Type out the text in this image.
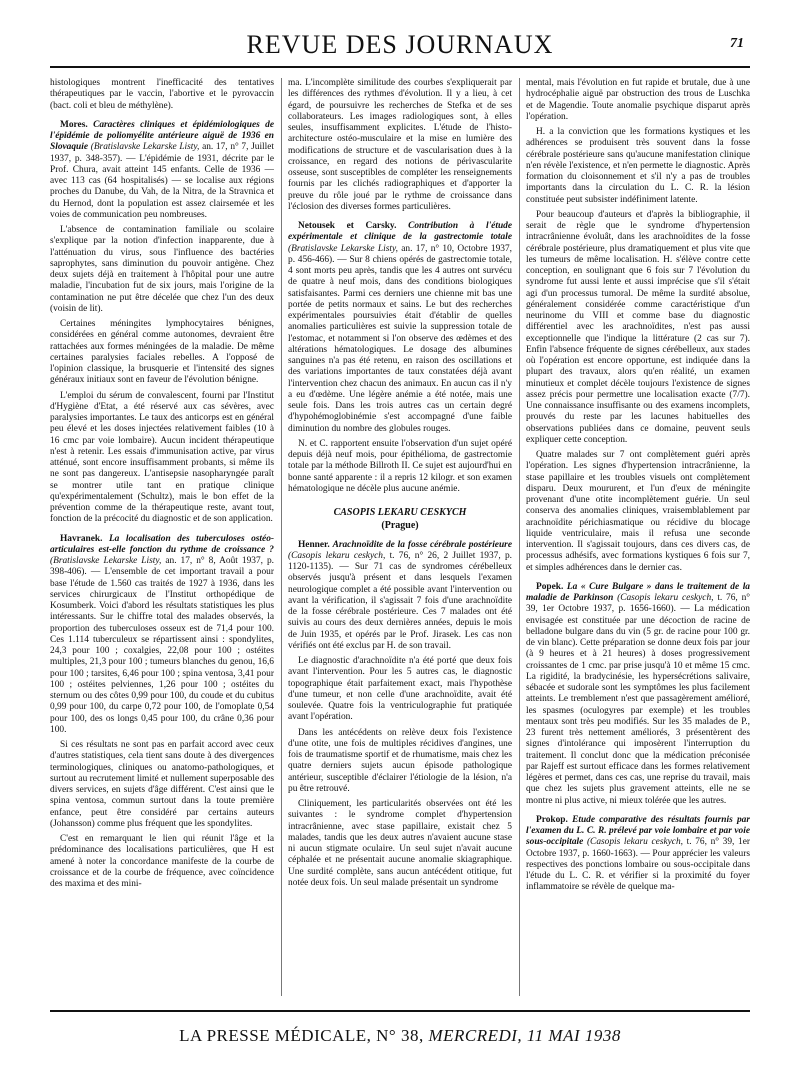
REVUE DES JOURNAUX	71

histologiques montrent l'inefficacité des tentatives thérapeutiques par le vaccin, l'abortive et le pyrovaccin (bact. coli et bleu de méthylène).

Mores. Caractères cliniques et épidémiologiques de l'épidémie de poliomyélite antérieure aiguë de 1936 en Slovaquie (Bratislavske Lekarske Listy, an. 17, n° 7, Juillet 1937, p. 348-357). — L'épidémie de 1931, décrite par le Prof. Chura, avait atteint 145 enfants. Celle de 1936 — avec 113 cas (64 hospitalisés) — se localise aux régions proches du Danube, du Vah, de la Nitra, de la Stravnica et du Hernod, dont la population est assez clairsemée et les voies de communication peu nombreuses.

L'absence de contamination familiale ou scolaire s'explique par la notion d'infection inapparente, due à l'atténuation du virus, sous l'influence des bactéries saprophytes, sans diminution du pouvoir antigène. Chez deux sujets déjà en traitement à l'hôpital pour une autre maladie, l'incubation fut de six jours, mais l'origine de la contamination ne put être décelée que chez l'un des deux (voisin de lit).

Certaines méningites lymphocytaires bénignes, considérées en général comme autonomes, devraient être rattachées aux formes méningées de la maladie. De même certaines paralysies faciales rebelles. A l'opposé de l'opinion classique, la brusquerie et l'intensité des signes généraux initiaux sont en faveur de l'évolution bénigne.

L'emploi du sérum de convalescent, fourni par l'Institut d'Hygiène d'Etat, a été réservé aux cas sévères, avec paralysies importantes. Le taux des anticorps est en général peu élevé et les doses injectées relativement faibles (10 à 16 cmc par voie lombaire). Aucun incident thérapeutique n'est à retenir. Les essais d'immunisation active, par virus atténué, sont encore insuffisamment probants, si même ils ne sont pas dangereux. L'antisepsie nasopharyngée paraît se montrer utile tant en pratique clinique qu'expérimentalement (Schultz), mais le bon effet de la prévention comme de la thérapeutique reste, avant tout, fonction de la précocité du diagnostic et de son application.

Havranek. La localisation des tuberculoses ostéo-articulaires est-elle fonction du rythme de croissance ? (Bratislavske Lekarske Listy, an. 17, n° 8, Août 1937, p. 398-406). — L'ensemble de cet important travail a pour base l'étude de 1.560 cas traités de 1927 à 1936, dans les services chirurgicaux de l'Institut orthopédique de Kosumberk. Voici d'abord les résultats statistiques les plus intéressants. Sur le chiffre total des malades observés, la proportion des tuberculoses osseux est de 71,4 pour 100. Ces 1.114 tuberculeux se répartissent ainsi : spondylites, 24,3 pour 100 ; coxalgies, 22,08 pour 100 ; ostéites multiples, 21,3 pour 100 ; tumeurs blanches du genou, 16,6 pour 100 ; tarsites, 6,46 pour 100 ; spina ventosa, 3,41 pour 100 ; ostéites pelviennes, 1,26 pour 100 ; ostéites du sternum ou des côtes 0,99 pour 100, du coude et du cubitus 0,99 pour 100, du carpe 0,72 pour 100, de l'omoplate 0,54 pour 100, des os longs 0,45 pour 100, du crâne 0,36 pour 100.

Si ces résultats ne sont pas en parfait accord avec ceux d'autres statistiques, cela tient sans doute à des divergences terminologiques, cliniques ou anatomo-pathologiques, et surtout au recrutement limité et nullement superposable des divers services, en sujets d'âge différent. C'est ainsi que le spina ventosa, commun surtout dans la toute première enfance, peut être considéré par certains auteurs (Johansson) comme plus fréquent que les spondylites.

C'est en remarquant le lien qui réunit l'âge et la prédominance des localisations particulières, que H est amené à noter la concordance manifeste de la courbe de croissance et de la courbe de fréquence, avec coïncidence des maxima et des mini-

ma. L'incomplète similitude des courbes s'expliquerait par les différences des rythmes d'évolution. Il y a lieu, à cet égard, de poursuivre les recherches de Stefka et de ses collaborateurs. Les images radiologiques sont, à elles seules, insuffisamment explicites. L'étude de l'histo-architecture ostéo-musculaire et la mise en lumière des modifications de structure et de vascularisation dues à la croissance, en regard des notions de périvascularite osseuse, sont susceptibles de compléter les renseignements fournis par les clichés radiographiques et d'apporter la preuve du rôle joué par le rythme de croissance dans l'éclosion des diverses formes particulières.

Netousek et Carsky. Contribution à l'étude expérimentale et clinique de la gastrectomie totale (Bratislavske Lekarske Listy, an. 17, n° 10, Octobre 1937, p. 456-466). — Sur 8 chiens opérés de gastrectomie totale, 4 sont morts peu après, tandis que les 4 autres ont survécu de quatre à neuf mois, dans des conditions biologiques satisfaisantes. Parmi ces derniers une chienne mit bas une portée de petits normaux et sains. Le but des recherches expérimentales poursuivies était d'établir de quelles anomalies particulières est suivie la suppression totale de l'estomac, et notamment si l'on observe des œdèmes et des altérations hématologiques. Le dosage des albumines sanguines n'a pas été retenu, en raison des oscillations et des variations importantes de taux constatées déjà avant l'intervention chez chacun des animaux. En aucun cas il n'y a eu d'œdème. Une légère anémie a été notée, mais une seule fois. Dans les trois autres cas un certain degré d'hypohémoglobinémie s'est accompagné d'une faible diminution du nombre des globules rouges.

N. et C. rapportent ensuite l'observation d'un sujet opéré depuis déjà neuf mois, pour épithélioma, de gastrectomie totale par la méthode Billroth II. Ce sujet est aujourd'hui en bonne santé apparente : il a repris 12 kilogr. et son examen hématologique ne décèle plus aucune anémie.

CASOPIS LEKARU CESKYCH
(Prague)

Henner. Arachnoïdite de la fosse cérébrale postérieure (Casopis lekaru ceskych, t. 76, n° 26, 2 Juillet 1937, p. 1120-1135). — Sur 71 cas de syndromes cérébelleux observés jusqu'à présent et dans lesquels l'examen neurologique complet a été possible avant l'intervention ou avant la vérification, il s'agissait 7 fois d'une arachnoïdite de la fosse cérébrale postérieure. Ces 7 malades ont été suivis au cours des deux dernières années, depuis le mois de Juin 1935, et opérés par le Prof. Jirasek. Les cas non vérifiés ont été exclus par H. de son travail.

Le diagnostic d'arachnoïdite n'a été porté que deux fois avant l'intervention. Pour les 5 autres cas, le diagnostic topographique était parfaitement exact, mais l'hypothèse d'une tumeur, et non celle d'une arachnoïdite, avait été soulevée. Quatre fois la ventriculographie fut pratiquée avant l'opération.

Dans les antécédents on relève deux fois l'existence d'une otite, une fois de multiples récidives d'angines, une fois de traumatisme sportif et de rhumatisme, mais chez les quatre derniers sujets aucun épisode pathologique antérieur, susceptible d'éclairer l'étiologie de la lésion, n'a pu être retrouvé.

Cliniquement, les particularités observées ont été les suivantes : le syndrome complet d'hypertension intracrânienne, avec stase papillaire, existait chez 5 malades, tandis que les deux autres n'avaient aucune stase ni aucun stigmate oculaire. Un seul sujet n'avait aucune céphalée et ne présentait aucune anomalie skiagraphique. Une surdité complète, sans aucun antécédent otitique, fut notée deux fois. Un seul malade présentait un syndrome

mental, mais l'évolution en fut rapide et brutale, due à une hydrocéphalie aiguë par obstruction des trous de Luschka et de Magendie. Toute anomalie psychique disparut après l'opération.

H. a la conviction que les formations kystiques et les adhérences se produisent très souvent dans la fosse cérébrale postérieure sans qu'aucune manifestation clinique n'en révèle l'existence, et n'en permette le diagnostic. Après formation du cloisonnement et s'il n'y a pas de troubles importants dans la circulation du L. C. R. la lésion constituée peut subsister indéfiniment latente.

Pour beaucoup d'auteurs et d'après la bibliographie, il serait de règle que le syndrome d'hypertension intracrânienne évoluât, dans les arachnoïdites de la fosse cérébrale postérieure, plus dramatiquement et plus vite que les tumeurs de même localisation. H. s'élève contre cette conception, en soulignant que 6 fois sur 7 l'évolution du syndrome fut aussi lente et aussi imprécise que s'il s'était agi d'un processus tumoral. De même la surdité absolue, généralement considérée comme caractéristique d'un neurinome du VIII et comme base du diagnostic différentiel avec les arachnoïdites, n'est pas aussi exceptionnelle que l'indique la littérature (2 cas sur 7). Enfin l'absence fréquente de signes cérébelleux, aux stades où l'opération est encore opportune, est indiquée dans la plupart des travaux, alors qu'en réalité, un examen minutieux et complet décèle toujours l'existence de signes assez précis pour permettre une localisation exacte (7/7). Une connaissance insuffisante ou des examens incomplets, prouvés du reste par les lacunes habituelles des observations publiées dans ce domaine, peuvent seuls expliquer cette conception.

Quatre malades sur 7 ont complètement guéri après l'opération. Les signes d'hypertension intracrânienne, la stase papillaire et les troubles visuels ont complètement disparu. Deux moururent, et l'un d'eux de méningite provenant d'une otite incomplètement guérie. Un seul conserva des anomalies cliniques, vraisemblablement par arachnoïdite périchiasmatique ou récidive du blocage liquide ventriculaire, mais il refusa une seconde intervention. Il s'agissait toujours, dans ces divers cas, de processus adhésifs, avec formations kystiques 6 fois sur 7, et simples adhérences dans le dernier cas.

Popek. La « Cure Bulgare » dans le traitement de la maladie de Parkinson (Casopis lekaru ceskych, t. 76, n° 39, 1er Octobre 1937, p. 1656-1660). — La médication envisagée est constituée par une décoction de racine de belladone bulgare dans du vin (5 gr. de racine pour 100 gr. de vin blanc). Cette préparation se donne deux fois par jour (à 9 heures et à 21 heures) à doses progressivement croissantes de 1 cmc. par prise jusqu'à 10 et même 15 cmc. La rigidité, la bradycinésie, les hypersécrétions salivaire, sébacée et sudorale sont les symptômes les plus facilement atteints. Le tremblement n'est que passagèrement amélioré, les spasmes (oculogyres par exemple) et les troubles mentaux sont très peu modifiés. Sur les 35 malades de P., 23 furent très nettement améliorés, 3 présentèrent des signes d'intolérance qui imposèrent l'interruption du traitement. Il conclut donc que la médication préconisée par Rajeff est surtout efficace dans les formes relativement légères et permet, dans ces cas, une reprise du travail, mais que chez les sujets plus gravement atteints, elle ne se montre ni plus active, ni mieux tolérée que les autres.

Prokop. Etude comparative des résultats fournis par l'examen du L. C. R. prélevé par voie lombaire et par voie sous-occipitale (Casopis lekaru ceskych, t. 76, n° 39, 1er Octobre 1937, p. 1660-1663). — Pour apprécier les valeurs respectives des ponctions lombaire ou sous-occipitale dans l'étude du L. C. R. et vérifier si la proximité du foyer inflammatoire se révèle de quelque ma-

LA PRESSE MÉDICALE, N° 38, MERCREDI, 11 MAI 1938
